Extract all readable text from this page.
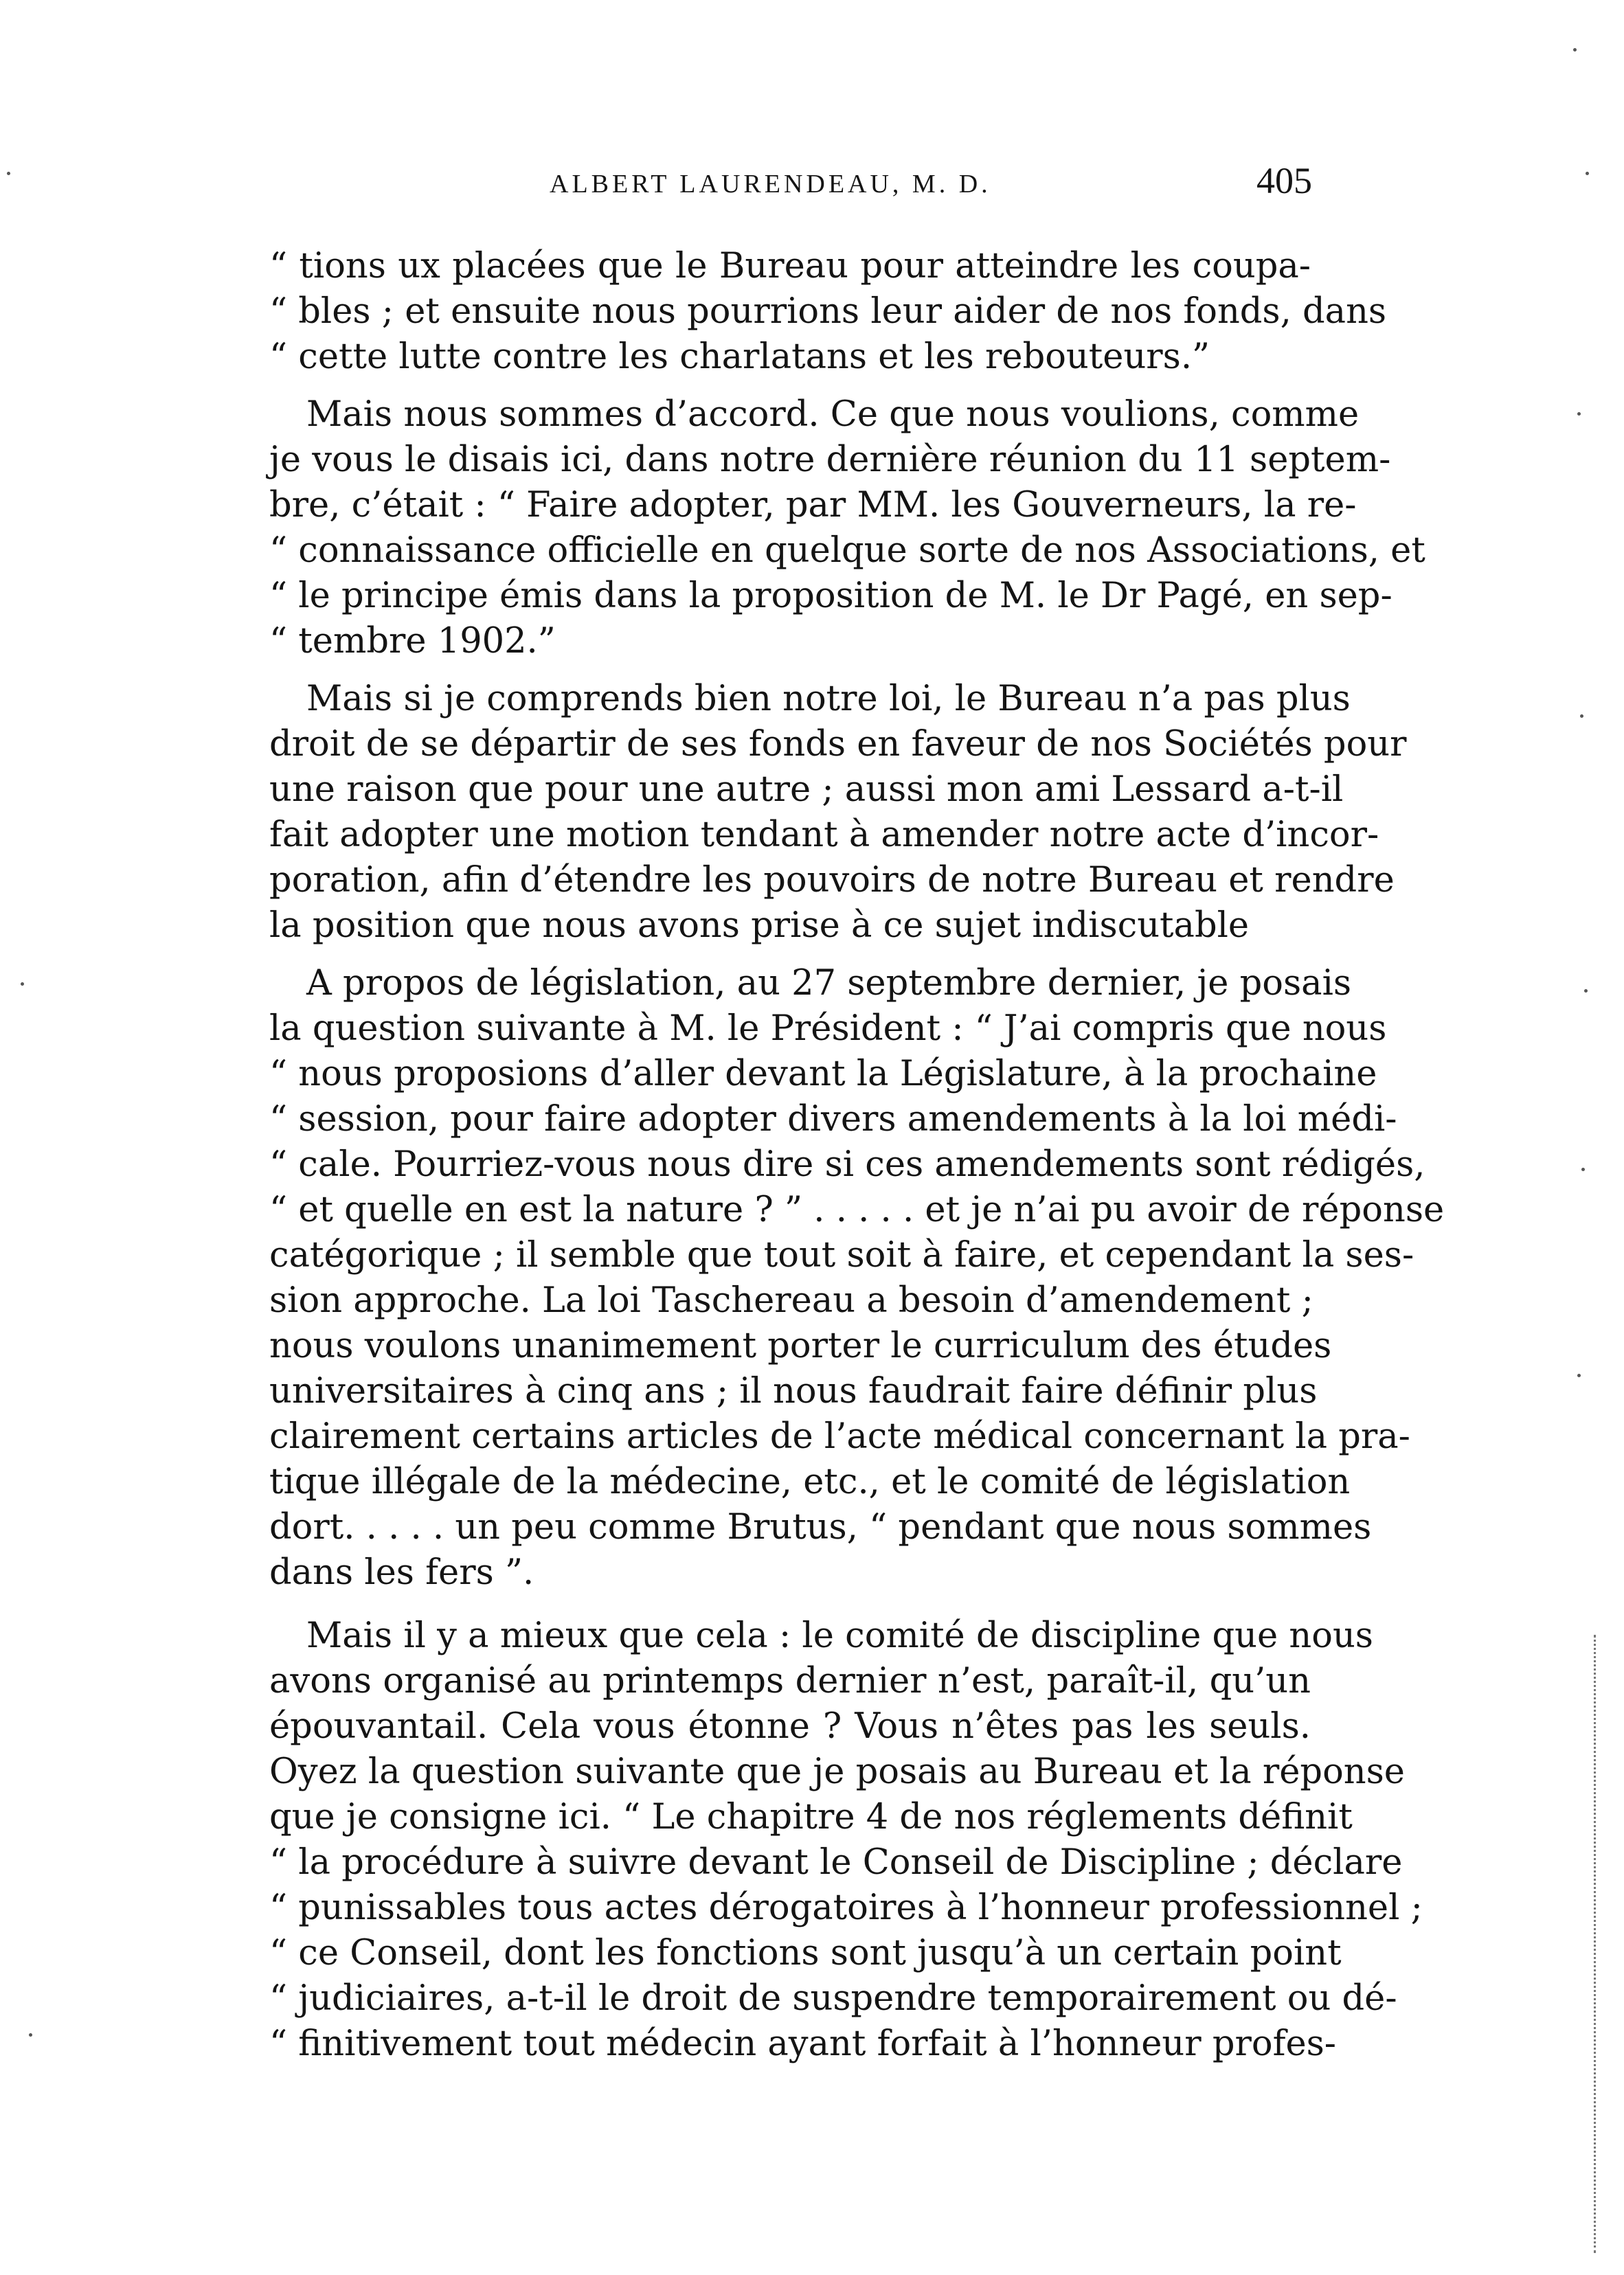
ALBERT LAURENDEAU, M. D.	405
“ tions ux placées que le Bureau pour atteindre les coupa-
“ bles ; et ensuite nous pourrions leur aider de nos fonds, dans
“ cette lutte contre les charlatans et les rebouteurs.”
Mais nous sommes d’accord. Ce que nous voulions, comme
je vous le disais ici, dans notre dernière réunion du 11 septem-
bre, c’était : “ Faire adopter, par MM. les Gouverneurs, la re-
“ connaissance officielle en quelque sorte de nos Associations, et
“ le principe émis dans la proposition de M. le Dr Pagé, en sep-
“ tembre 1902.”
Mais si je comprends bien notre loi, le Bureau n’a pas plus
droit de se départir de ses fonds en faveur de nos Sociétés pour
une raison que pour une autre ; aussi mon ami Lessard a-t-il
fait adopter une motion tendant à amender notre acte d’incor-
poration, afin d’étendre les pouvoirs de notre Bureau et rendre
la position que nous avons prise à ce sujet indiscutable
A propos de législation, au 27 septembre dernier, je posais
la question suivante à M. le Président : “ J’ai compris que nous
“ nous proposions d’aller devant la Législature, à la prochaine
“ session, pour faire adopter divers amendements à la loi médi-
“ cale. Pourriez-vous nous dire si ces amendements sont rédigés,
“ et quelle en est la nature ? ” . . . . . et je n’ai pu avoir de réponse
catégorique ; il semble que tout soit à faire, et cependant la ses-
sion approche. La loi Taschereau a besoin d’amendement ;
nous voulons unanimement porter le curriculum des études
universitaires à cinq ans ; il nous faudrait faire définir plus
clairement certains articles de l’acte médical concernant la pra-
tique illégale de la médecine, etc., et le comité de législation
dort. . . . . un peu comme Brutus, “ pendant que nous sommes
dans les fers ”.
Mais il y a mieux que cela : le comité de discipline que nous
avons organisé au printemps dernier n’est, paraît-il, qu’un
épouvantail. Cela vous étonne ? Vous n’êtes pas les seuls.
Oyez la question suivante que je posais au Bureau et la réponse
que je consigne ici. “ Le chapitre 4 de nos réglements définit
“ la procédure à suivre devant le Conseil de Discipline ; déclare
“ punissables tous actes dérogatoires à l’honneur professionnel ;
“ ce Conseil, dont les fonctions sont jusqu’à un certain point
“ judiciaires, a-t-il le droit de suspendre temporairement ou dé-
“ finitivement tout médecin ayant forfait à l’honneur profes-
